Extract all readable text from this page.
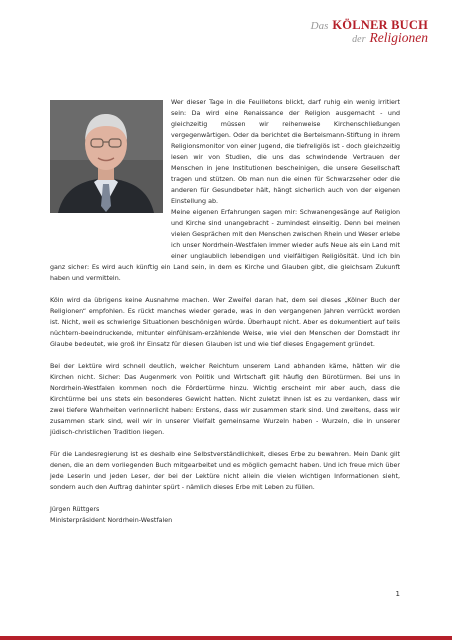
Das KÖLNER BUCH
der Religionen

Wer dieser Tage in die Feuilletons blickt, darf ruhig ein wenig irritiert sein: Da wird eine Renaissance der Religion ausgemacht - und gleichzeitig müssen wir reihenweise Kirchenschließungen vergegenwärtigen. Oder da berichtet die Bertelsmann-Stiftung in ihrem Religionsmonitor von einer Jugend, die tiefreligiös ist - doch gleichzeitig lesen wir von Studien, die uns das schwindende Vertrauen der Menschen in jene Institutionen bescheinigen, die unsere Gesellschaft tragen und stützen. Ob man nun die einen für Schwarzseher oder die anderen für Gesundbeter hält, hängt sicherlich auch von der eigenen Einstellung ab.

Meine eigenen Erfahrungen sagen mir: Schwanengesänge auf Religion und Kirche sind unangebracht - zumindest einseitig. Denn bei meinen vielen Gesprächen mit den Menschen zwischen Rhein und Weser erlebe ich unser Nordrhein-Westfalen immer wieder aufs Neue als ein Land mit einer unglaublich lebendigen und vielfältigen Religiösität. Und ich bin ganz sicher: Es wird auch künftig ein Land sein, in dem es Kirche und Glauben gibt, die gleichsam Zukunft haben und vermitteln.

Köln wird da übrigens keine Ausnahme machen. Wer Zweifel daran hat, dem sei dieses „Kölner Buch der Religionen“ empfohlen. Es rückt manches wieder gerade, was in den vergangenen Jahren verrückt worden ist. Nicht, weil es schwierige Situationen beschönigen würde. Überhaupt nicht. Aber es dokumentiert auf teils nüchtern-beeindruckende, mitunter einfühlsam-erzählende Weise, wie viel den Menschen der Domstadt ihr Glaube bedeutet, wie groß ihr Einsatz für diesen Glauben ist und wie tief dieses Engagement gründet.

Bei der Lektüre wird schnell deutlich, welcher Reichtum unserem Land abhanden käme, hätten wir die Kirchen nicht. Sicher: Das Augenmerk von Politik und Wirtschaft gilt häufig den Bürotürmen. Bei uns in Nordrhein-Westfalen kommen noch die Fördertürme hinzu. Wichtig erscheint mir aber auch, dass die Kirchtürme bei uns stets ein besonderes Gewicht hatten. Nicht zuletzt ihnen ist es zu verdanken, dass wir zwei tiefere Wahrheiten verinnerlicht haben: Erstens, dass wir zusammen stark sind. Und zweitens, dass wir zusammen stark sind, weil wir in unserer Vielfalt gemeinsame Wurzeln haben - Wurzeln, die in unserer jüdisch-christlichen Tradition liegen.

Für die Landesregierung ist es deshalb eine Selbstverständlichkeit, dieses Erbe zu bewahren. Mein Dank gilt denen, die an dem vorliegenden Buch mitgearbeitet und es möglich gemacht haben. Und ich freue mich über jede Leserin und jeden Leser, der bei der Lektüre nicht allein die vielen wichtigen Informationen sieht, sondern auch den Auftrag dahinter spürt - nämlich dieses Erbe mit Leben zu füllen.

Jürgen Rüttgers

Ministerpräsident Nordrhein-Westfalen

1
